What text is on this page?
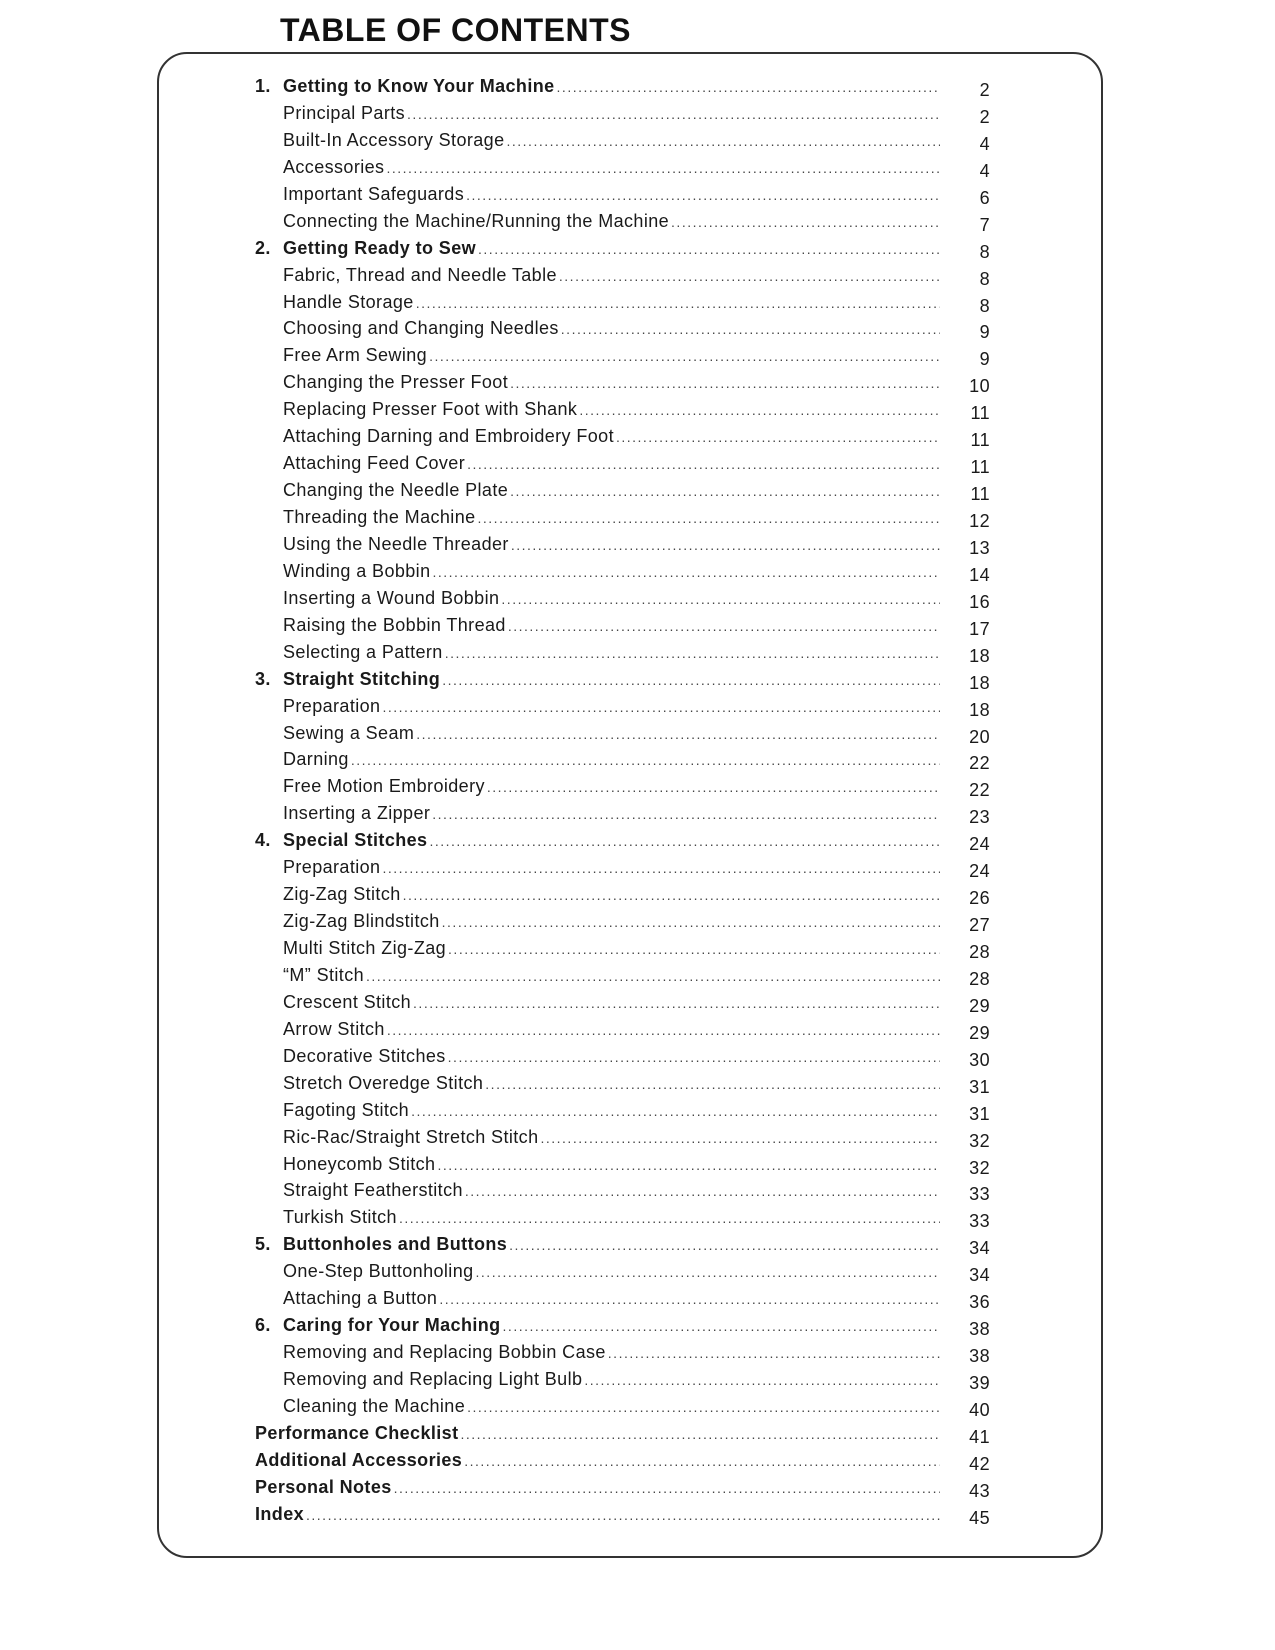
TABLE OF CONTENTS
1. Getting to Know Your Machine .....	2
Principal Parts .....	2
Built-In Accessory Storage .....	4
Accessories .....	4
Important Safeguards .....	6
Connecting the Machine/Running the Machine .....	7
2. Getting Ready to Sew .....	8
Fabric, Thread and Needle Table .....	8
Handle Storage .....	8
Choosing and Changing Needles .....	9
Free Arm Sewing .....	9
Changing the Presser Foot .....	10
Replacing Presser Foot with Shank .....	11
Attaching Darning and Embroidery Foot .....	11
Attaching Feed Cover .....	11
Changing the Needle Plate .....	11
Threading the Machine .....	12
Using the Needle Threader .....	13
Winding a Bobbin .....	14
Inserting a Wound Bobbin .....	16
Raising the Bobbin Thread .....	17
Selecting a Pattern .....	18
3. Straight Stitching .....	18
Preparation .....	18
Sewing a Seam .....	20
Darning .....	22
Free Motion Embroidery .....	22
Inserting a Zipper .....	23
4. Special Stitches .....	24
Preparation .....	24
Zig-Zag Stitch .....	26
Zig-Zag Blindstitch .....	27
Multi Stitch Zig-Zag .....	28
“M” Stitch .....	28
Crescent Stitch .....	29
Arrow Stitch .....	29
Decorative Stitches .....	30
Stretch Overedge Stitch .....	31
Fagoting Stitch .....	31
Ric-Rac/Straight Stretch Stitch .....	32
Honeycomb Stitch .....	32
Straight Featherstitch .....	33
Turkish Stitch .....	33
5. Buttonholes and Buttons .....	34
One-Step Buttonholing .....	34
Attaching a Button .....	36
6. Caring for Your Maching .....	38
Removing and Replacing Bobbin Case .....	38
Removing and Replacing Light Bulb .....	39
Cleaning the Machine .....	40
Performance Checklist .....	41
Additional Accessories .....	42
Personal Notes .....	43
Index .....	45
